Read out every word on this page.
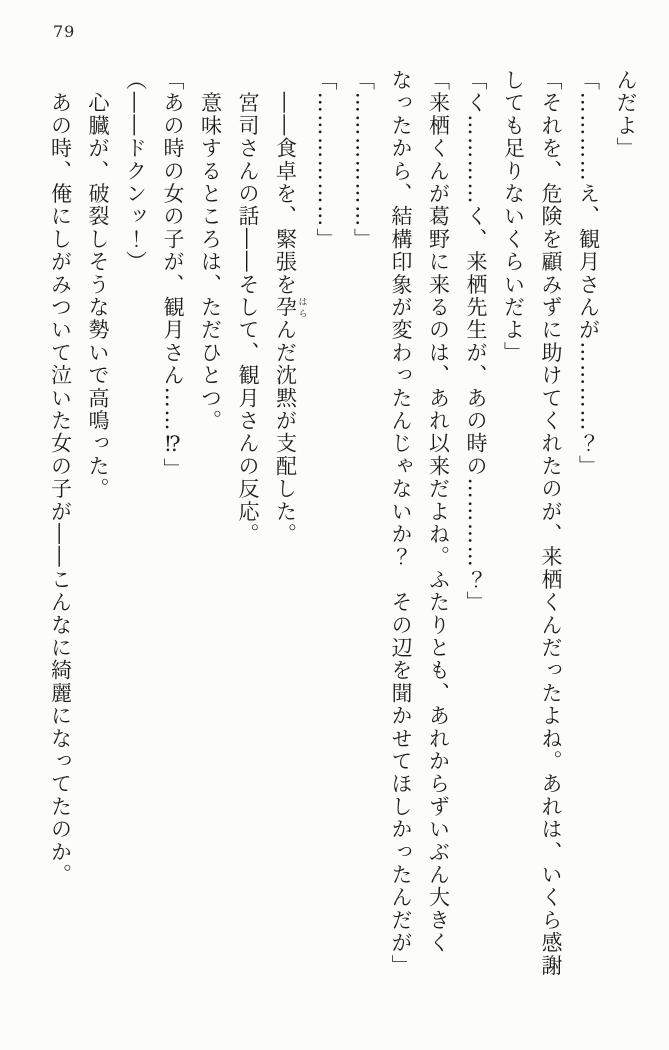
79
んだよ」
「…………え、観月さんが…………？」
「それを、危険を顧みずに助けてくれたのが、来栖くんだったよね。あれは、いくら感謝
しても足りないくらいだよ」
「く…………く、来栖先生が、あの時の…………？」
「来栖くんが葛野に来るのは、あれ以来だよね。ふたりとも、あれからずいぶん大きく
なったから、結構印象が変わったんじゃないか？　その辺を聞かせてほしかったんだが」
「………………」
「………………」
　――食卓を、緊張を孕 はらんだ沈黙が支配した。
　宮司さんの話――そして、観月さんの反応。
　意味するところは、ただひとつ。
「あの時の女の子が、観月さん……⁉」
（――ドクンッ！）
　心臓が、破裂しそうな勢いで高鳴った。
　あの時、俺にしがみついて泣いた女の子が――こんなに綺麗になってたのか。
